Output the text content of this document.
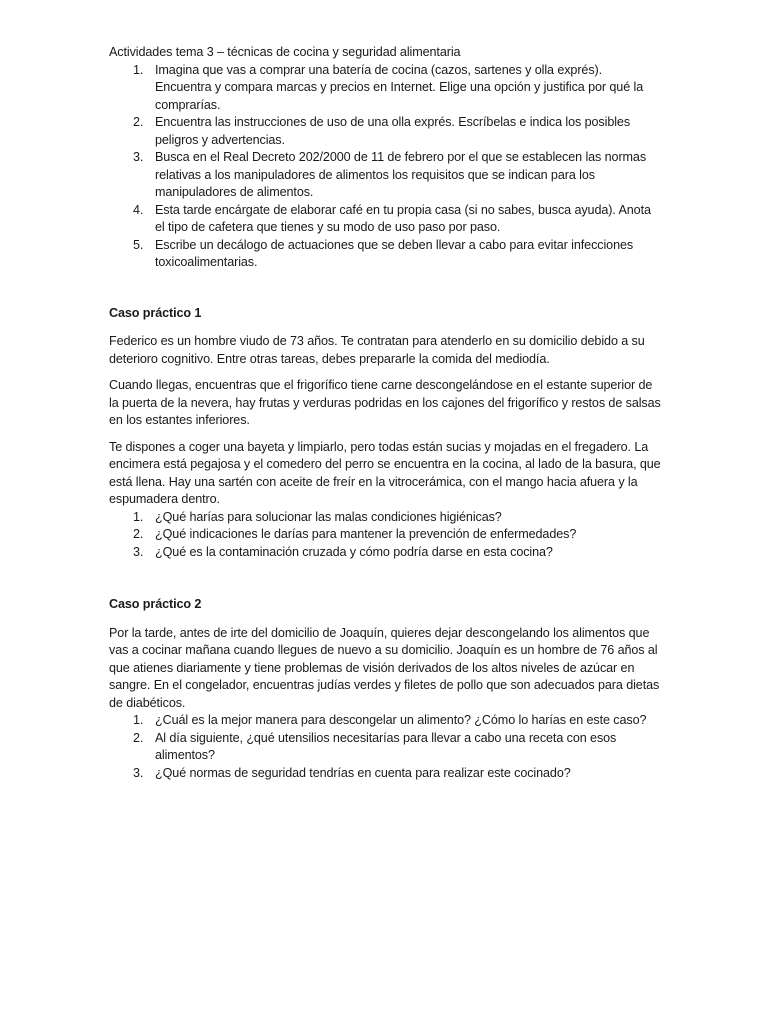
Actividades tema 3 – técnicas de cocina y seguridad alimentaria
1. Imagina que vas a comprar una batería de cocina (cazos, sartenes y olla exprés). Encuentra y compara marcas y precios en Internet. Elige una opción y justifica por qué la comprarías.
2. Encuentra las instrucciones de uso de una olla exprés. Escríbelas e indica los posibles peligros y advertencias.
3. Busca en el Real Decreto 202/2000 de 11 de febrero por el que se establecen las normas relativas a los manipuladores de alimentos los requisitos que se indican para los manipuladores de alimentos.
4. Esta tarde encárgate de elaborar café en tu propia casa (si no sabes, busca ayuda). Anota el tipo de cafetera que tienes y su modo de uso paso por paso.
5. Escribe un decálogo de actuaciones que se deben llevar a cabo para evitar infecciones toxicoalimentarias.
Caso práctico 1

Federico es un hombre viudo de 73 años. Te contratan para atenderlo en su domicilio debido a su deterioro cognitivo. Entre otras tareas, debes prepararle la comida del mediodía.

Cuando llegas, encuentras que el frigorífico tiene carne descongelándose en el estante superior de la puerta de la nevera, hay frutas y verduras podridas en los cajones del frigorífico y restos de salsas en los estantes inferiores.

Te dispones a coger una bayeta y limpiarlo, pero todas están sucias y mojadas en el fregadero. La encimera está pegajosa y el comedero del perro se encuentra en la cocina, al lado de la basura, que está llena. Hay una sartén con aceite de freír en la vitrocerámica, con el mango hacia afuera y la espumadera dentro.

1. ¿Qué harías para solucionar las malas condiciones higiénicas?
2. ¿Qué indicaciones le darías para mantener la prevención de enfermedades?
3. ¿Qué es la contaminación cruzada y cómo podría darse en esta cocina?
Caso práctico 2

Por la tarde, antes de irte del domicilio de Joaquín, quieres dejar descongelando los alimentos que vas a cocinar mañana cuando llegues de nuevo a su domicilio. Joaquín es un hombre de 76 años al que atienes diariamente y tiene problemas de visión derivados de los altos niveles de azúcar en sangre. En el congelador, encuentras judías verdes y filetes de pollo que son adecuados para dietas de diabéticos.

1. ¿Cuál es la mejor manera para descongelar un alimento? ¿Cómo lo harías en este caso?
2. Al día siguiente, ¿qué utensilios necesitarías para llevar a cabo una receta con esos alimentos?
3. ¿Qué normas de seguridad tendrías en cuenta para realizar este cocinado?
